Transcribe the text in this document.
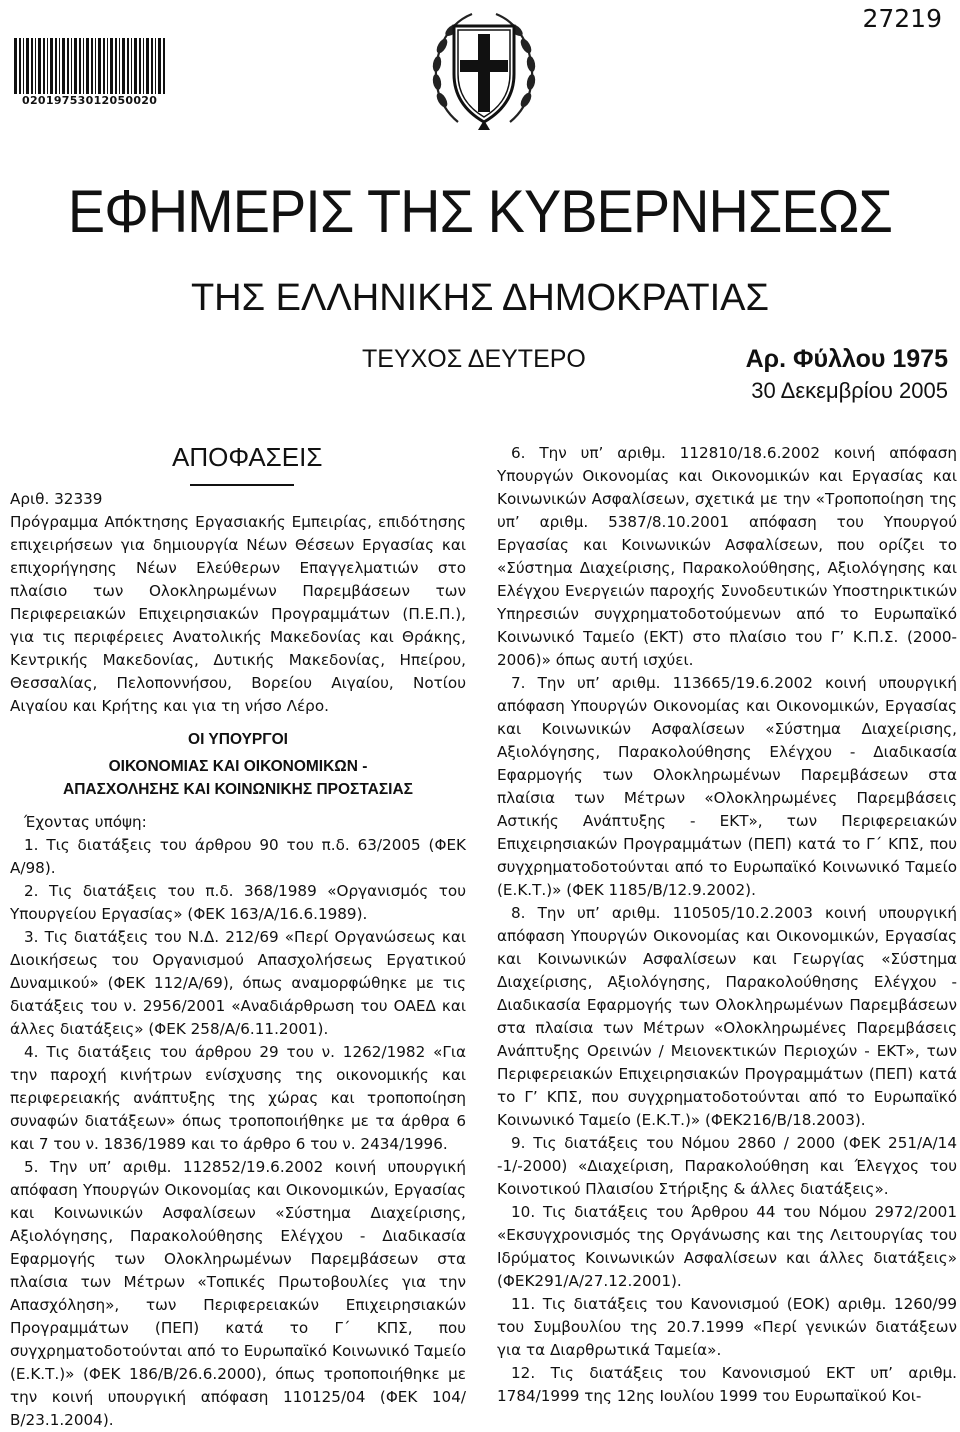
27219
02019753012050020
ΕΦΗΜΕΡΙΣ ΤΗΣ ΚΥΒΕΡΝΗΣΕΩΣ
ΤΗΣ ΕΛΛΗΝΙΚΗΣ ΔΗΜΟΚΡΑΤΙΑΣ
ΤΕΥΧΟΣ ΔΕΥΤΕΡΟ	Αρ. Φύλλου 1975
30 Δεκεμβρίου 2005
ΑΠΟΦΑΣΕΙΣ

Αριθ. 32339

Πρόγραμμα Απόκτησης Εργασιακής Εμπειρίας, επιδότησης επιχειρήσεων για δημιουργία Νέων Θέσεων Εργασίας και επιχορήγησης Νέων Ελεύθερων Επαγγελματιών στο πλαίσιο των Ολοκληρωμένων Παρεμβάσεων των Περιφερειακών Επιχειρησιακών Προγραμμάτων (Π.Ε.Π.), για τις περιφέρειες Ανατολικής Μακεδονίας και Θράκης, Κεντρικής Μακεδονίας, Δυτικής Μακεδονίας, Ηπείρου, Θεσσαλίας, Πελοποννήσου, Βορείου Αιγαίου, Νοτίου Αιγαίου και Κρήτης και για τη νήσο Λέρο.

ΟΙ ΥΠΟΥΡΓΟΙ

ΟΙΚΟΝΟΜΙΑΣ ΚΑΙ ΟΙΚΟΝΟΜΙΚΩΝ -

ΑΠΑΣΧΟΛΗΣΗΣ ΚΑΙ ΚΟΙΝΩΝΙΚΗΣ ΠΡΟΣΤΑΣΙΑΣ

Έχοντας υπόψη:

1. Τις διατάξεις του άρθρου 90 του π.δ. 63/2005 (ΦΕΚ Α/98).

2. Τις διατάξεις του π.δ. 368/1989 «Οργανισμός του Υπουργείου Εργασίας» (ΦΕΚ 163/Α/16.6.1989).

3. Τις διατάξεις του Ν.Δ. 212/69 «Περί Οργανώσεως και Διοικήσεως του Οργανισμού Απασχολήσεως Εργατικού Δυναμικού» (ΦΕΚ 112/Α/69), όπως αναμορφώθηκε με τις διατάξεις του ν. 2956/2001 «Αναδιάρθρωση του ΟΑΕΔ και άλλες διατάξεις» (ΦΕΚ 258/Α/6.11.2001).

4. Τις διατάξεις του άρθρου 29 του ν. 1262/1982 «Για την παροχή κινήτρων ενίσχυσης της οικονομικής και περιφερειακής ανάπτυξης της χώρας και τροποποίηση συναφών διατάξεων» όπως τροποποιήθηκε με τα άρθρα 6 και 7 του ν. 1836/1989 και το άρθρο 6 του ν. 2434/1996.

5. Την υπ’ αριθμ. 112852/19.6.2002 κοινή υπουργική απόφαση Υπουργών Οικονομίας και Οικονομικών, Εργασίας και Κοινωνικών Ασφαλίσεων «Σύστημα Διαχείρισης, Αξιολόγησης, Παρακολούθησης Ελέγχου - Διαδικασία Εφαρμογής των Ολοκληρωμένων Παρεμβάσεων στα πλαίσια των Μέτρων «Τοπικές Πρωτοβουλίες για την Απασχόληση», των Περιφερειακών Επιχειρησιακών Προγραμμάτων (ΠΕΠ) κατά το Γ΄ ΚΠΣ, που συγχρηματοδοτούνται από το Ευρωπαϊκό Κοινωνικό Ταμείο (Ε.Κ.Τ.)» (ΦΕΚ 186/Β/26.6.2000), όπως τροποποιήθηκε με την κοινή υπουργική απόφαση 110125/04 (ΦΕΚ 104/Β/23.1.2004).

6. Την υπ’ αριθμ. 112810/18.6.2002 κοινή απόφαση Υπουργών Οικονομίας και Οικονομικών και Εργασίας και Κοινωνικών Ασφαλίσεων, σχετικά με την «Τροποποίηση της υπ’ αριθμ. 5387/8.10.2001 απόφαση του Υπουργού Εργασίας και Κοινωνικών Ασφαλίσεων, που ορίζει το «Σύστημα Διαχείρισης, Παρακολούθησης, Αξιολόγησης και Ελέγχου Ενεργειών παροχής Συνοδευτικών Υποστηρικτικών Υπηρεσιών συγχρηματοδοτούμενων από το Ευρωπαϊκό Κοινωνικό Ταμείο (ΕΚΤ) στο πλαίσιο του Γ’ Κ.Π.Σ. (2000-2006)» όπως αυτή ισχύει.

7. Την υπ’ αριθμ. 113665/19.6.2002 κοινή υπουργική απόφαση Υπουργών Οικονομίας και Οικονομικών, Εργασίας και Κοινωνικών Ασφαλίσεων «Σύστημα Διαχείρισης, Αξιολόγησης, Παρακολούθησης Ελέγχου - Διαδικασία Εφαρμογής των Ολοκληρωμένων Παρεμβάσεων στα πλαίσια των Μέτρων «Ολοκληρωμένες Παρεμβάσεις Αστικής Ανάπτυξης - ΕΚΤ», των Περιφερειακών Επιχειρησιακών Προγραμμάτων (ΠΕΠ) κατά το Γ΄ ΚΠΣ, που συγχρηματοδοτούνται από το Ευρωπαϊκό Κοινωνικό Ταμείο (Ε.Κ.Τ.)» (ΦΕΚ 1185/Β/12.9.2002).

8. Την υπ’ αριθμ. 110505/10.2.2003 κοινή υπουργική απόφαση Υπουργών Οικονομίας και Οικονομικών, Εργασίας και Κοινωνικών Ασφαλίσεων και Γεωργίας «Σύστημα Διαχείρισης, Αξιολόγησης, Παρακολούθησης Ελέγχου - Διαδικασία Εφαρμογής των Ολοκληρωμένων Παρεμβάσεων στα πλαίσια των Μέτρων «Ολοκληρωμένες Παρεμβάσεις Ανάπτυξης Ορεινών / Μειονεκτικών Περιοχών - ΕΚΤ», των Περιφερειακών Επιχειρησιακών Προγραμμάτων (ΠΕΠ) κατά το Γ’ ΚΠΣ, που συγχρηματοδοτούνται από το Ευρωπαϊκό Κοινωνικό Ταμείο (Ε.Κ.Τ.)» (ΦΕΚ216/Β/18.2003).

9. Τις διατάξεις του Νόμου 2860 / 2000 (ΦΕΚ 251/Α/14 -1/-2000) «Διαχείριση, Παρακολούθηση και Έλεγχος του Κοινοτικού Πλαισίου Στήριξης & άλλες διατάξεις».

10. Τις διατάξεις του Άρθρου 44 του Νόμου 2972/2001 «Εκσυγχρονισμός της Οργάνωσης και της Λειτουργίας του Ιδρύματος Κοινωνικών Ασφαλίσεων και άλλες διατάξεις» (ΦΕΚ291/Α/27.12.2001).

11. Τις διατάξεις του Κανονισμού (ΕΟΚ) αριθμ. 1260/99 του Συμβουλίου της 20.7.1999 «Περί γενικών διατάξεων για τα Διαρθρωτικά Ταμεία».

12. Τις διατάξεις του Κανονισμού ΕΚΤ υπ’ αριθμ. 1784/1999 της 12ης Ιουλίου 1999 του Ευρωπαϊκού Κοι-
